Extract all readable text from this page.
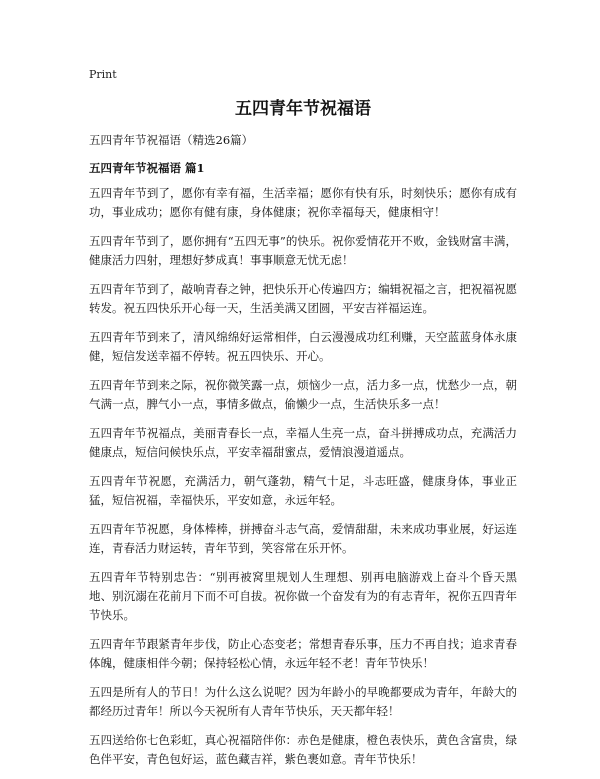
Print
五四青年节祝福语
五四青年节祝福语（精选26篇）
五四青年节祝福语 篇1

五四青年节到了，愿你有幸有福，生活幸福；愿你有快有乐，时刻快乐；愿你有成有功，事业成功；愿你有健有康，身体健康；祝你幸福每天，健康相守！

五四青年节到了，愿你拥有“五四无事”的快乐。祝你爱情花开不败，金钱财富丰满，健康活力四射，理想好梦成真！事事顺意无忧无虑！

五四青年节到了，敲响青春之钟，把快乐开心传遍四方；编辑祝福之言，把祝福祝愿转发。祝五四快乐开心每一天，生活美满又团圆，平安吉祥福运连。

五四青年节到来了，清风绵绵好运常相伴，白云漫漫成功红利赚，天空蓝蓝身体永康健，短信发送幸福不停转。祝五四快乐、开心。

五四青年节到来之际，祝你微笑露一点，烦恼少一点，活力多一点，忧愁少一点，朝气满一点，脾气小一点，事情多做点，偷懒少一点，生活快乐多一点！

五四青年节祝福点，美丽青春长一点，幸福人生亮一点，奋斗拼搏成功点，充满活力健康点，短信问候快乐点，平安幸福甜蜜点，爱情浪漫道遥点。

五四青年节祝愿，充满活力，朝气蓬勃，精气十足，斗志旺盛，健康身体，事业正猛，短信祝福，幸福快乐，平安如意，永远年轻。

五四青年节祝愿，身体棒棒，拼搏奋斗志气高，爱情甜甜，未来成功事业展，好运连连，青春活力财运转，青年节到，笑容常在乐开怀。

五四青年节特别忠告：“别再被窝里规划人生理想、别再电脑游戏上奋斗个昏天黑地、别沉溺在花前月下而不可自拔。祝你做一个奋发有为的有志青年，祝你五四青年节快乐。

五四青年节跟紧青年步伐，防止心态变老；常想青春乐事，压力不再自找；追求青春体魄，健康相伴今朝；保持轻松心情，永远年轻不老！青年节快乐！

五四是所有人的节日！为什么这么说呢？因为年龄小的早晚都要成为青年，年龄大的都经历过青年！所以今天祝所有人青年节快乐，天天都年轻！

五四送给你七色彩虹，真心祝福陪伴你：赤色是健康，橙色表快乐，黄色含富贵，绿色伴平安，青色包好运，蓝色藏吉祥，紫色裹如意。青年节快乐！
